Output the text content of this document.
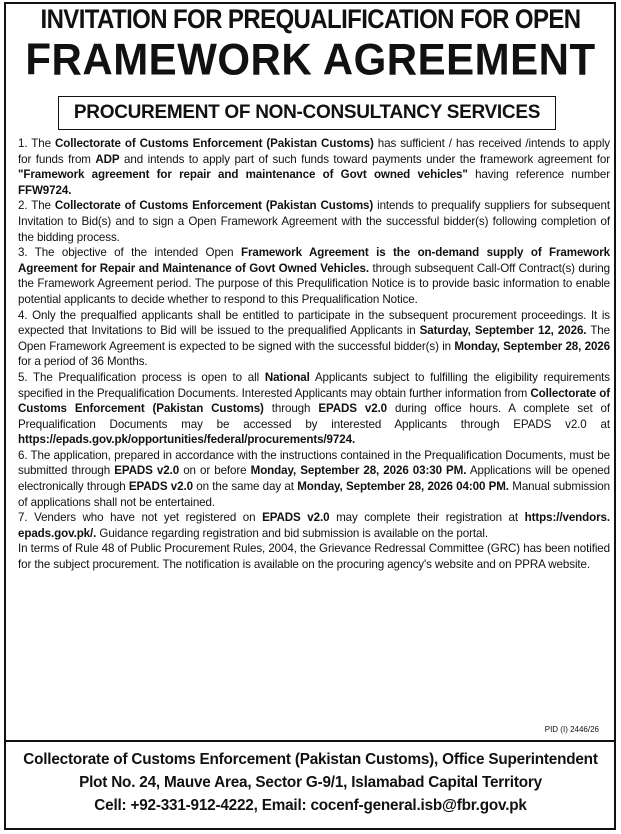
INVITATION FOR PREQUALIFICATION FOR OPEN
FRAMEWORK AGREEMENT
PROCUREMENT OF NON-CONSULTANCY SERVICES

1. The Collectorate of Customs Enforcement (Pakistan Customs) has sufficient / has received /intends to apply for funds from ADP and intends to apply part of such funds toward payments under the framework agreement for "Framework agreement for repair and maintenance of Govt owned vehicles" having reference number FFW9724.

2. The Collectorate of Customs Enforcement (Pakistan Customs) intends to prequalify suppliers for subsequent Invitation to Bid(s) and to sign a Open Framework Agreement with the successful bidder(s) following completion of the bidding process.

3. The objective of the intended Open Framework Agreement is the on-demand supply of Framework Agreement for Repair and Maintenance of Govt Owned Vehicles. through subsequent Call-Off Contract(s) during the Framework Agreement period. The purpose of this Prequlification Notice is to provide basic information to enable potential applicants to decide whether to respond to this Prequalification Notice.

4. Only the prequalfied applicants shall be entitled to participate in the subsequent procurement proceedings. It is expected that Invitations to Bid will be issued to the prequalified Applicants in Saturday, September 12, 2026. The Open Framework Agreement is expected to be signed with the successful bidder(s) in Monday, September 28, 2026 for a period of 36 Months.

5. The Prequalification process is open to all National Applicants subject to fulfilling the eligibility requirements specified in the Prequalification Documents. Interested Applicants may obtain further information from Collectorate of Customs Enforcement (Pakistan Customs) through EPADS v2.0 during office hours. A complete set of Prequalification Documents may be accessed by interested Applicants through EPADS v2.0 at https://epads.gov.pk/opportunities/federal/procurements/9724.

6. The application, prepared in accordance with the instructions contained in the Prequalification Documents, must be submitted through EPADS v2.0 on or before Monday, September 28, 2026 03:30 PM. Applications will be opened electronically through EPADS v2.0 on the same day at Monday, September 28, 2026 04:00 PM. Manual submission of applications shall not be entertained.

7. Venders who have not yet registered on EPADS v2.0 may complete their registration at https://vendors. epads.gov.pk/. Guidance regarding registration and bid submission is available on the portal.

In terms of Rule 48 of Public Procurement Rules, 2004, the Grievance Redressal Committee (GRC) has been notified for the subject procurement. The notification is available on the procuring agency's website and on PPRA website.

PID (I) 2446/26
Collectorate of Customs Enforcement (Pakistan Customs), Office Superintendent
Plot No. 24, Mauve Area, Sector G-9/1, Islamabad Capital Territory
Cell: +92-331-912-4222, Email: cocenf-general.isb@fbr.gov.pk
